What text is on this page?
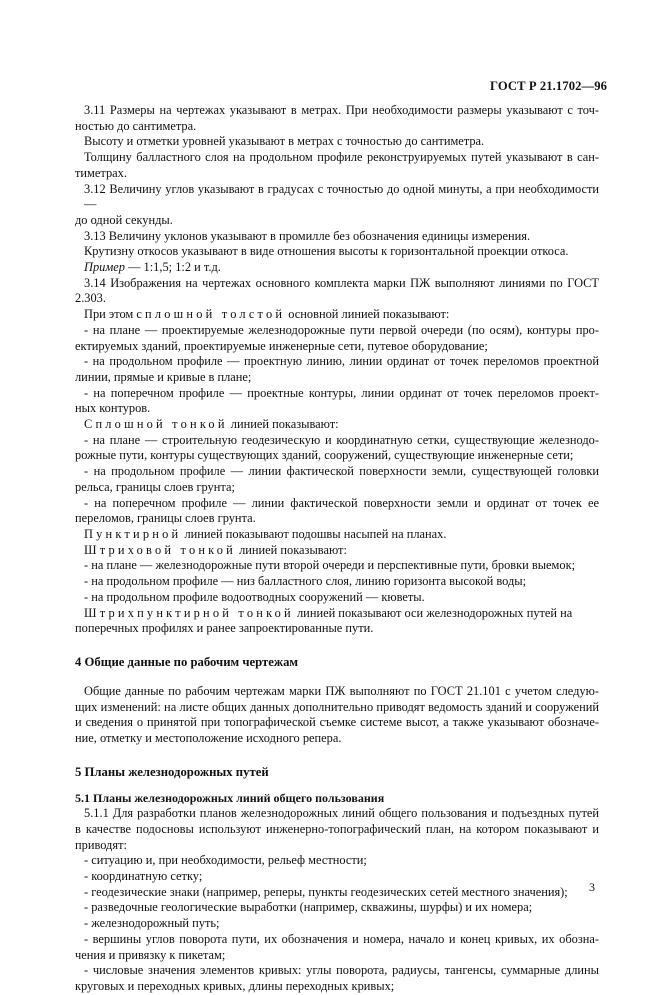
ГОСТ Р 21.1702—96
3.11 Размеры на чертежах указывают в метрах. При необходимости размеры указывают с точ-
ностью до сантиметра.
Высоту и отметки уровней указывают в метрах с точностью до сантиметра.
Толщину балластного слоя на продольном профиле реконструируемых путей указывают в сан-
тиметрах.
3.12 Величину углов указывают в градусах с точностью до одной минуты, а при необходимости —
до одной секунды.
3.13 Величину уклонов указывают в промилле без обозначения единицы измерения.
Крутизну откосов указывают в виде отношения высоты к горизонтальной проекции откоса.
Пример — 1:1,5; 1:2 и т.д.
3.14 Изображения на чертежах основного комплекта марки ПЖ выполняют линиями по ГОСТ
2.303.
При этом сплошной толстой основной линией показывают:
- на плане — проектируемые железнодорожные пути первой очереди (по осям), контуры про-
ектируемых зданий, проектируемые инженерные сети, путевое оборудование;
- на продольном профиле — проектную линию, линии ординат от точек переломов проектной
линии, прямые и кривые в плане;
- на поперечном профиле — проектные контуры, линии ординат от точек переломов проект-
ных контуров.
Сплошной тонкой линией показывают:
- на плане — строительную геодезическую и координатную сетки, существующие железнодо-
рожные пути, контуры существующих зданий, сооружений, существующие инженерные сети;
- на продольном профиле — линии фактической поверхности земли, существующей головки
рельса, границы слоев грунта;
- на поперечном профиле — линии фактической поверхности земли и ординат от точек ее
переломов, границы слоев грунта.
Пунктирной линией показывают подошвы насыпей на планах.
Штриховой тонкой линией показывают:
- на плане — железнодорожные пути второй очереди и перспективные пути, бровки выемок;
- на продольном профиле — низ балластного слоя, линию горизонта высокой воды;
- на продольном профиле водоотводных сооружений — кюветы.
Штрихпунктирной тонкой линией показывают оси железнодорожных путей на
поперечных профилях и ранее запроектированные пути.
4 Общие данные по рабочим чертежам
Общие данные по рабочим чертежам марки ПЖ выполняют по ГОСТ 21.101 с учетом следую-
щих изменений: на листе общих данных дополнительно приводят ведомость зданий и сооружений
и сведения о принятой при топографической съемке системе высот, а также указывают обозначе-
ние, отметку и местоположение исходного репера.
5 Планы железнодорожных путей
5.1 Планы железнодорожных линий общего пользования
5.1.1 Для разработки планов железнодорожных линий общего пользования и подъездных путей
в качестве подосновы используют инженерно-топографический план, на котором показывают и
приводят:
- ситуацию и, при необходимости, рельеф местности;
- координатную сетку;
- геодезические знаки (например, реперы, пункты геодезических сетей местного значения);
- разведочные геологические выработки (например, скважины, шурфы) и их номера;
- железнодорожный путь;
- вершины углов поворота пути, их обозначения и номера, начало и конец кривых, их обозна-
чения и привязку к пикетам;
- числовые значения элементов кривых: углы поворота, радиусы, тангенсы, суммарные длины
круговых и переходных кривых, длины переходных кривых;
3
